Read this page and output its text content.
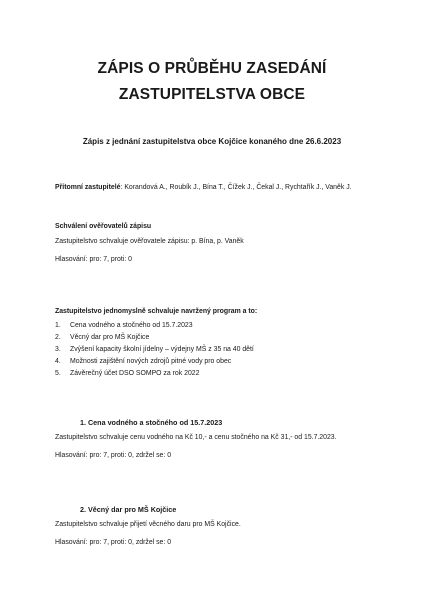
ZÁPIS O PRŮBĚHU ZASEDÁNÍ
ZASTUPITELSTVA OBCE
Zápis z jednání zastupitelstva obce Kojčice konaného dne 26.6.2023
Přítomní zastupitelé: Korandová A., Roubík J., Bína T., Čížek J., Čekal J., Rychtařík J., Vaněk J.
Schválení ověřovatelů zápisu
Zastupitelstvo schvaluje ověřovatele zápisu: p. Bína, p. Vaněk
Hlasování: pro: 7, proti: 0
Zastupitelstvo jednomyslně schvaluje navržený program a to:
1. Cena vodného a stočného od 15.7.2023
2. Věcný dar pro MŠ Kojčice
3. Zvýšení kapacity školní jídelny – výdejny MŠ z 35 na 40 dětí
4. Možnosti zajištění nových zdrojů pitné vody pro obec
5. Závěrečný účet DSO SOMPO za rok 2022
1. Cena vodného a stočného od 15.7.2023
Zastupitelstvo schvaluje cenu vodného na Kč 10,- a cenu stočného na Kč 31,- od 15.7.2023.
Hlasování: pro: 7, proti: 0, zdržel se: 0
2. Věcný dar pro MŠ Kojčice
Zastupitelstvo schvaluje přijetí věcného daru pro MŠ Kojčice.
Hlasování: pro: 7, proti: 0, zdržel se: 0
